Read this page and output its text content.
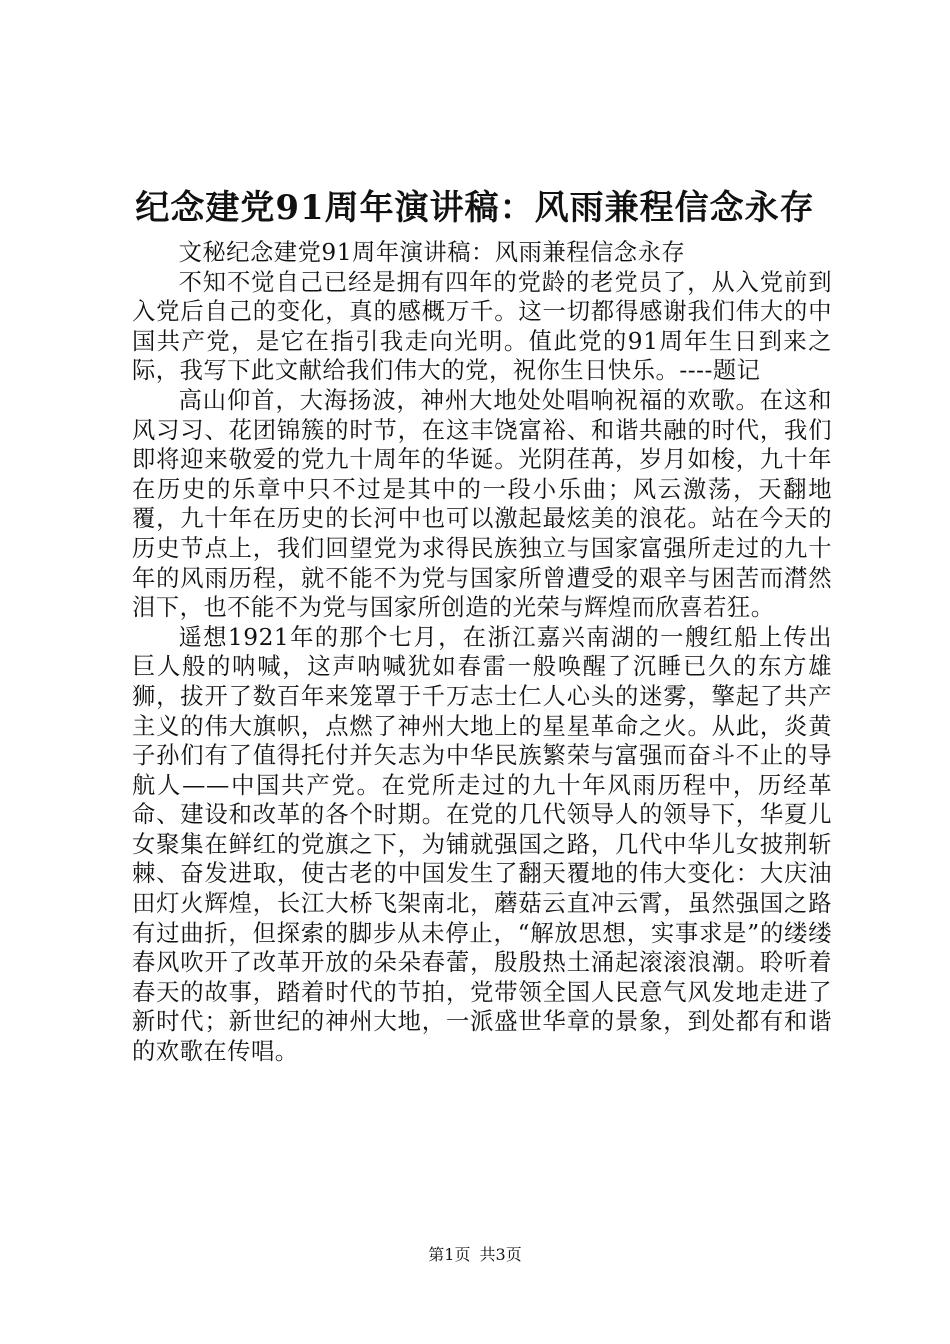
纪念建党91周年演讲稿：风雨兼程信念永存

文秘纪念建党91周年演讲稿：风雨兼程信念永存

不知不觉自己已经是拥有四年的党龄的老党员了，从入党前到入党后自己的变化，真的感概万千。这一切都得感谢我们伟大的中国共产党，是它在指引我走向光明。值此党的91周年生日到来之际，我写下此文献给我们伟大的党，祝你生日快乐。----题记

高山仰首，大海扬波，神州大地处处唱响祝福的欢歌。在这和风习习、花团锦簇的时节，在这丰饶富裕、和谐共融的时代，我们即将迎来敬爱的党九十周年的华诞。光阴荏苒，岁月如梭，九十年在历史的乐章中只不过是其中的一段小乐曲；风云激荡，天翻地覆，九十年在历史的长河中也可以激起最炫美的浪花。站在今天的历史节点上，我们回望党为求得民族独立与国家富强所走过的九十年的风雨历程，就不能不为党与国家所曾遭受的艰辛与困苦而潸然泪下，也不能不为党与国家所创造的光荣与辉煌而欣喜若狂。

遥想1921年的那个七月，在浙江嘉兴南湖的一艘红船上传出巨人般的呐喊，这声呐喊犹如春雷一般唤醒了沉睡已久的东方雄狮，拔开了数百年来笼罩于千万志士仁人心头的迷雾，擎起了共产主义的伟大旗帜，点燃了神州大地上的星星革命之火。从此，炎黄子孙们有了值得托付并矢志为中华民族繁荣与富强而奋斗不止的导航人——中国共产党。在党所走过的九十年风雨历程中，历经革命、建设和改革的各个时期。在党的几代领导人的领导下，华夏儿女聚集在鲜红的党旗之下，为铺就强国之路，几代中华儿女披荆斩棘、奋发进取，使古老的中国发生了翻天覆地的伟大变化：大庆油田灯火辉煌，长江大桥飞架南北，蘑菇云直冲云霄，虽然强国之路有过曲折，但探索的脚步从未停止，“解放思想，实事求是”的缕缕春风吹开了改革开放的朵朵春蕾，殷殷热土涌起滚滚浪潮。聆听着春天的故事，踏着时代的节拍，党带领全国人民意气风发地走进了新时代；新世纪的神州大地，一派盛世华章的景象，到处都有和谐的欢歌在传唱。

第1页 共3页
